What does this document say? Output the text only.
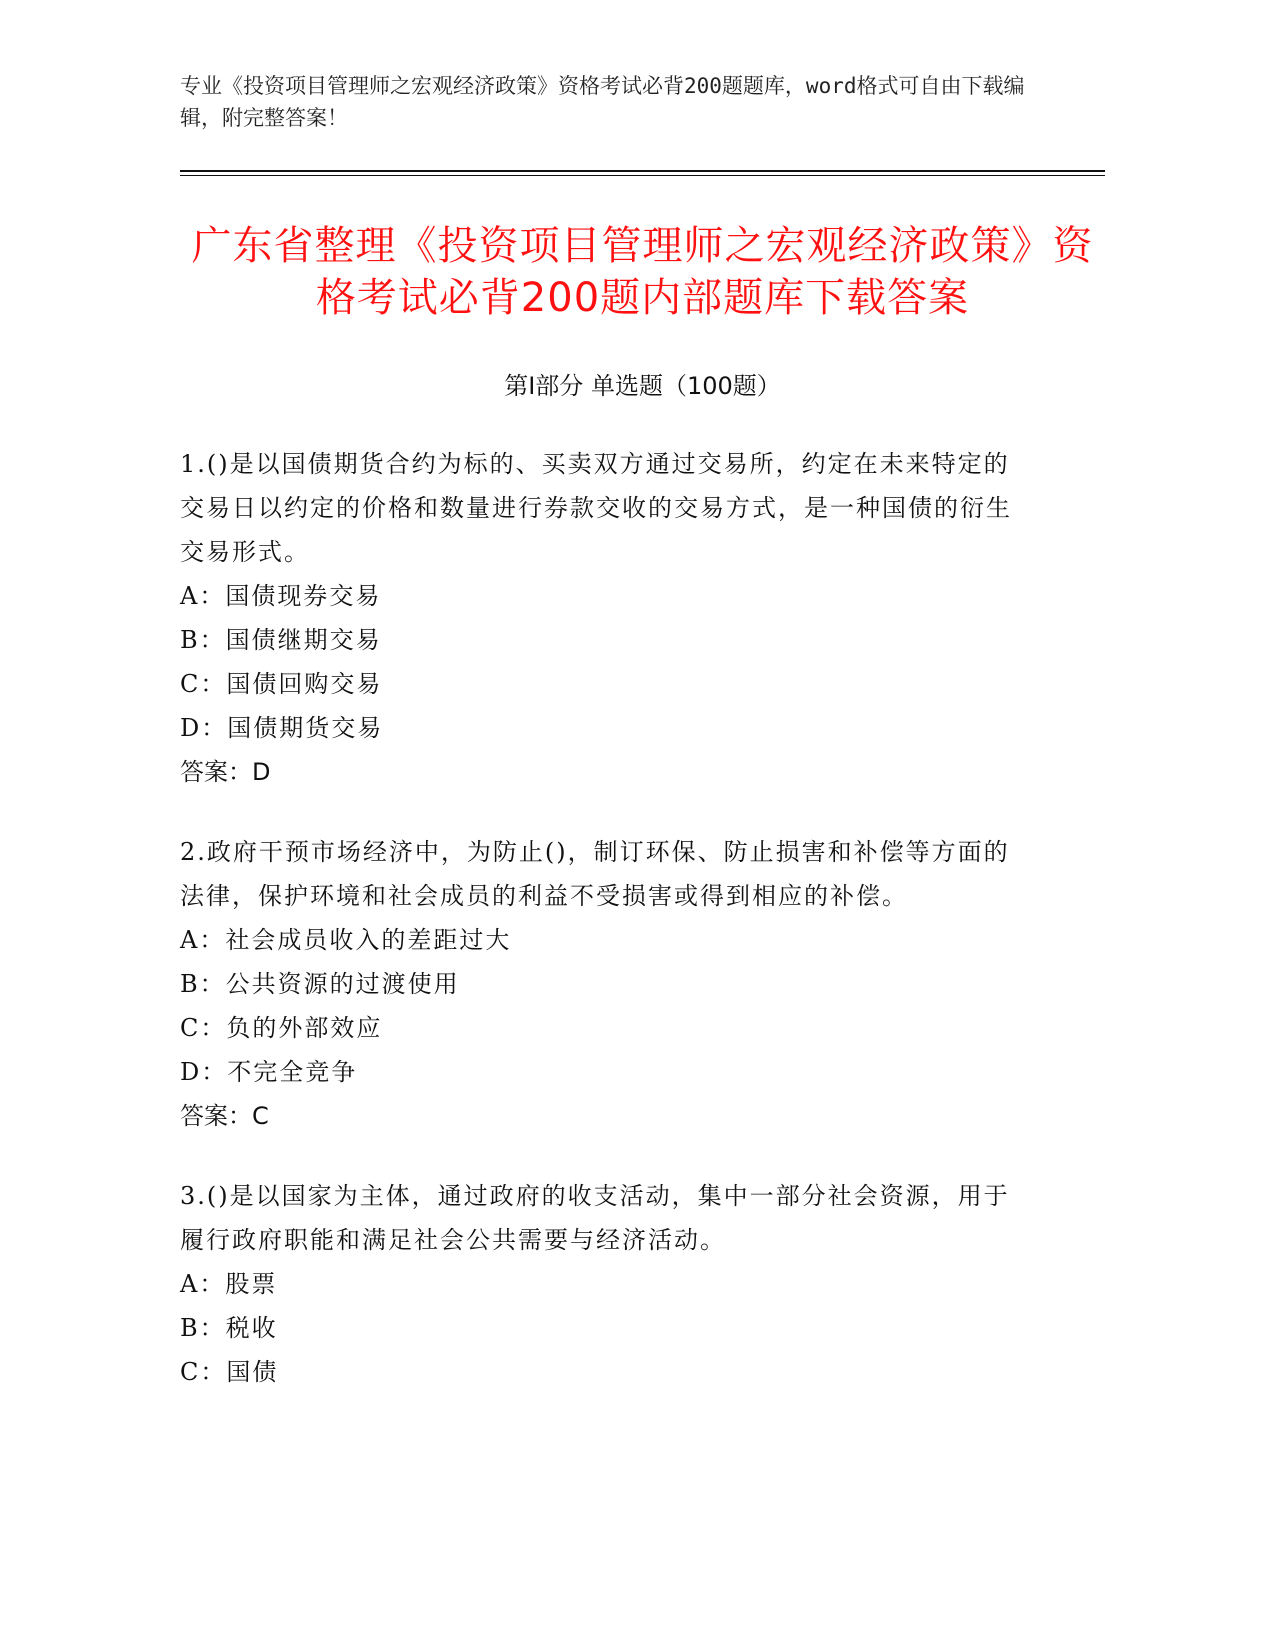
专业《投资项目管理师之宏观经济政策》资格考试必背200题题库，word格式可自由下载编辑，附完整答案！
广东省整理《投资项目管理师之宏观经济政策》资格考试必背200题内部题库下载答案
第Ⅰ部分 单选题（100题）
1.()是以国债期货合约为标的、买卖双方通过交易所，约定在未来特定的交易日以约定的价格和数量进行券款交收的交易方式，是一种国债的衍生交易形式。
A：国债现券交易
B：国债继期交易
C：国债回购交易
D：国债期货交易
答案：D
2.政府干预市场经济中，为防止()，制订环保、防止损害和补偿等方面的法律，保护环境和社会成员的利益不受损害或得到相应的补偿。
A：社会成员收入的差距过大
B：公共资源的过渡使用
C：负的外部效应
D：不完全竞争
答案：C
3.()是以国家为主体，通过政府的收支活动，集中一部分社会资源，用于履行政府职能和满足社会公共需要与经济活动。
A：股票
B：税收
C：国债
